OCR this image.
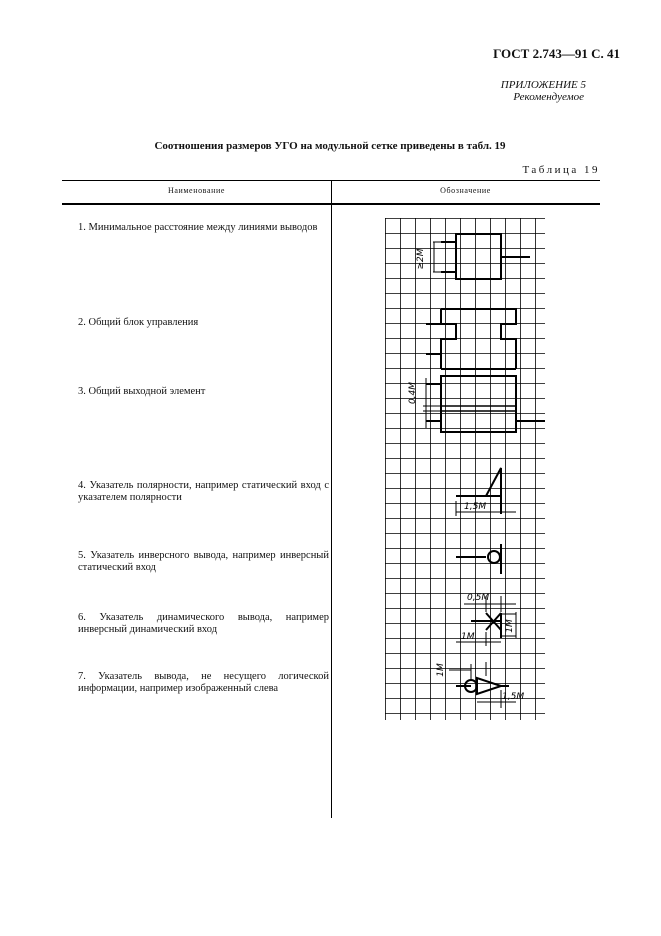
ГОСТ 2.743—91 С. 41
ПРИЛОЖЕНИЕ 5
Рекомендуемое
Соотношения размеров УГО на модульной сетке приведены в табл. 19
Таблица 19
Наименование	Обозначение
1. Минимальное расстояние между линиями выводов
2. Общий блок управления
3. Общий выходной элемент
4. Указатель полярности, например статический вход с указателем полярности
5. Указатель инверсного вывода, например инверсный статический вход
6. Указатель динамического вывода, например инверсный динамический вход
7. Указатель вывода, не несущего логической информации, например изображенный слева
≥2M
0,4M
1,5M
0,5M
1M
1M
1M
1,5M
